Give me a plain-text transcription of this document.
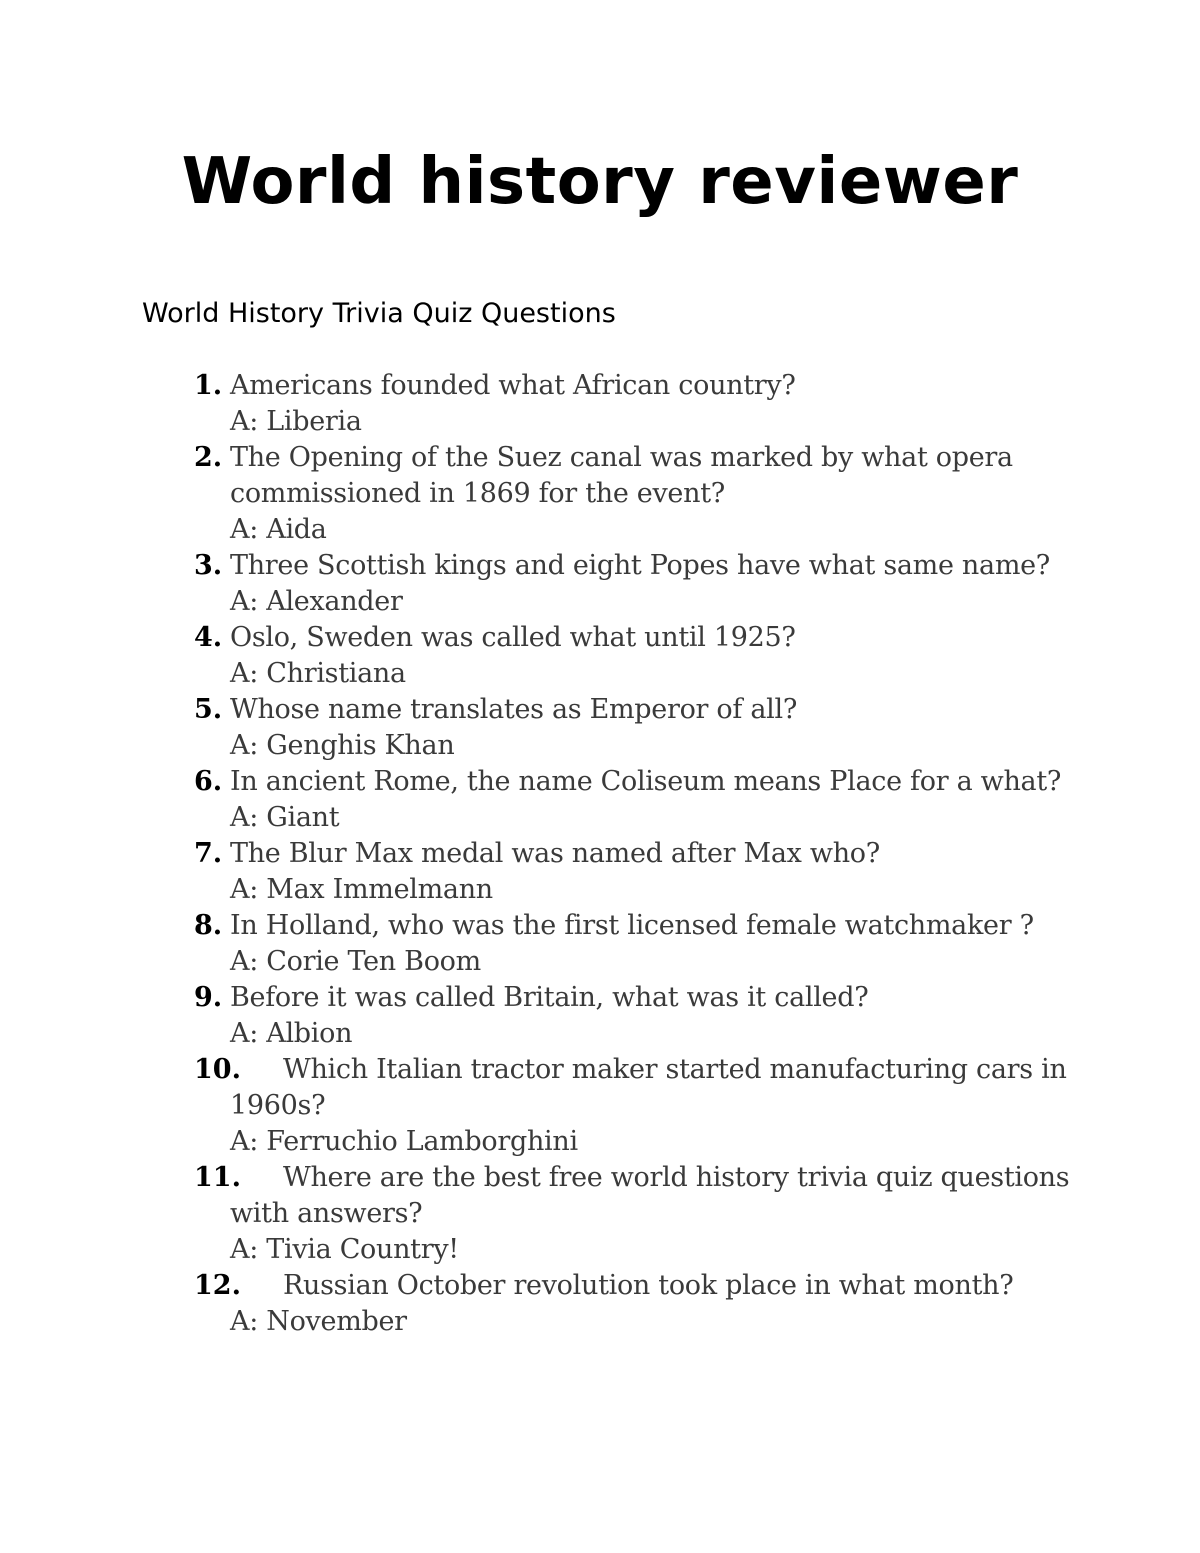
World history reviewer
World History Trivia Quiz Questions
1. Americans founded what African country?
A: Liberia
2. The Opening of the Suez canal was marked by what opera commissioned in 1869 for the event?
A: Aida
3. Three Scottish kings and eight Popes have what same name?
A: Alexander
4. Oslo, Sweden was called what until 1925?
A: Christiana
5. Whose name translates as Emperor of all?
A: Genghis Khan
6. In ancient Rome, the name Coliseum means Place for a what?
A: Giant
7. The Blur Max medal was named after Max who?
A: Max Immelmann
8. In Holland, who was the first licensed female watchmaker ?
A: Corie Ten Boom
9. Before it was called Britain, what was it called?
A: Albion
10.	Which Italian tractor maker started manufacturing cars in 1960s?
A: Ferruchio Lamborghini
11.	Where are the best free world history trivia quiz questions with answers?
A: Tivia Country!
12.	Russian October revolution took place in what month?
A: November
